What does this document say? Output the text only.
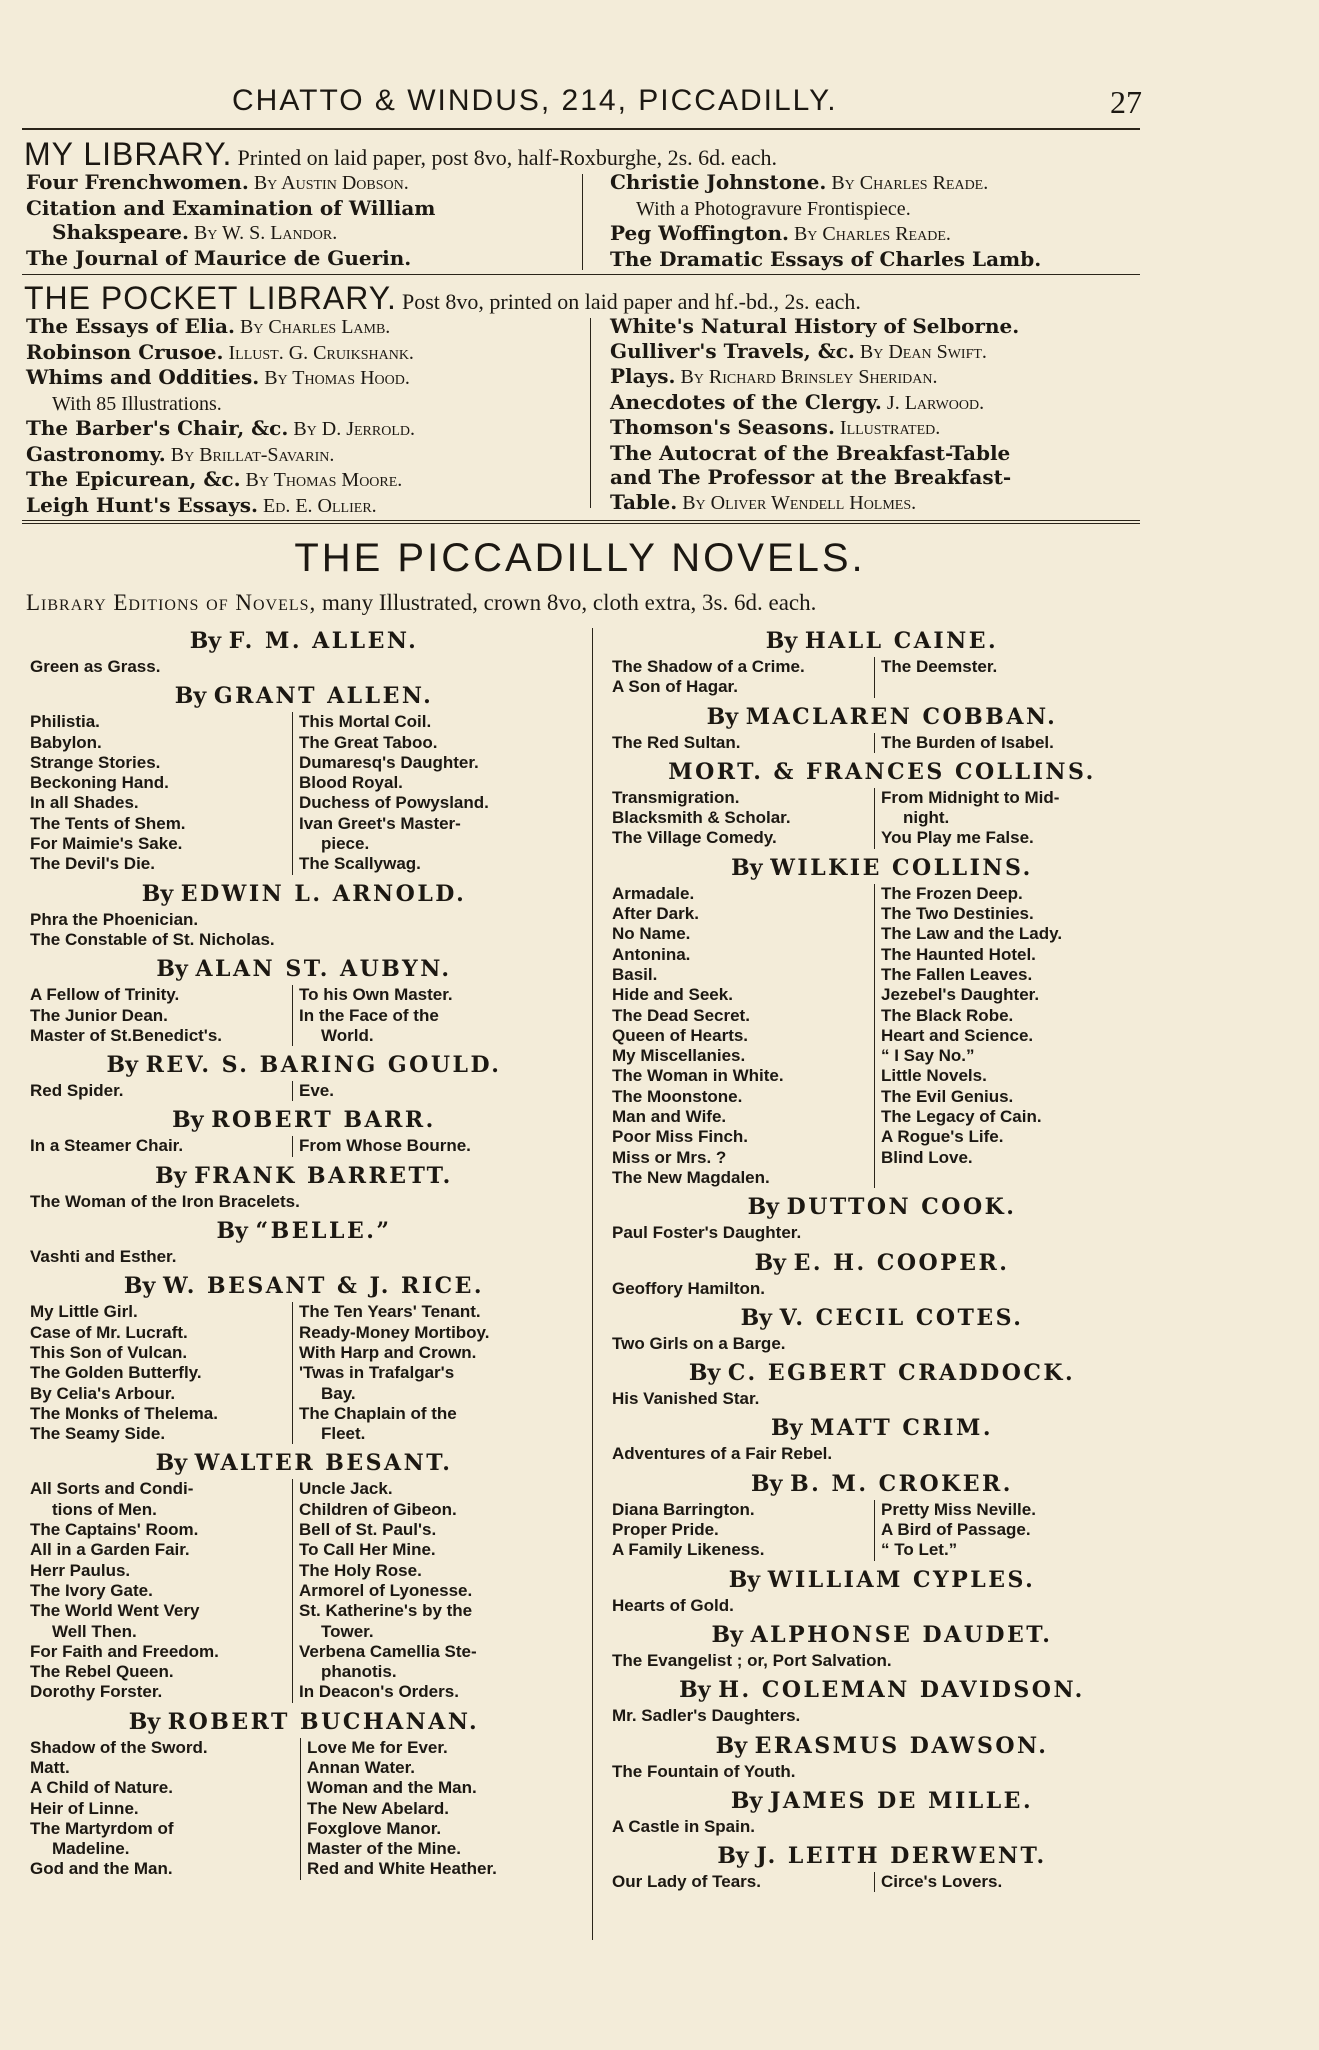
CHATTO & WINDUS, 214, PICCADILLY.	27
MY LIBRARY. Printed on laid paper, post 8vo, half-Roxburghe, 2s. 6d. each.
Four Frenchwomen. By Austin Dobson.
Citation and Examination of William
Shakspeare. By W. S. Landor.
The Journal of Maurice de Guerin.
Christie Johnstone. By Charles Reade.
With a Photogravure Frontispiece.
Peg Woffington. By Charles Reade.
The Dramatic Essays of Charles Lamb.
THE POCKET LIBRARY. Post 8vo, printed on laid paper and hf.-bd., 2s. each.
The Essays of Elia. By Charles Lamb.
Robinson Crusoe. Illust. G. Cruikshank.
Whims and Oddities. By Thomas Hood.
With 85 Illustrations.
The Barber's Chair, &c. By D. Jerrold.
Gastronomy. By Brillat-Savarin.
The Epicurean, &c. By Thomas Moore.
Leigh Hunt's Essays. Ed. E. Ollier.
White's Natural History of Selborne.
Gulliver's Travels, &c. By Dean Swift.
Plays. By Richard Brinsley Sheridan.
Anecdotes of the Clergy. J. Larwood.
Thomson's Seasons. Illustrated.
The Autocrat of the Breakfast-Table
and The Professor at the Breakfast-
Table. By Oliver Wendell Holmes.
THE PICCADILLY NOVELS.
Library Editions of Novels, many Illustrated, crown 8vo, cloth extra, 3s. 6d. each.
By F. M. ALLEN.
Green as Grass.
By GRANT ALLEN.
Philistia.
Babylon.
Strange Stories.
Beckoning Hand.
In all Shades.
The Tents of Shem.
For Maimie's Sake.
The Devil's Die.
This Mortal Coil.
The Great Taboo.
Dumaresq's Daughter.
Blood Royal.
Duchess of Powysland.
Ivan Greet's Master-
piece.
The Scallywag.
By EDWIN L. ARNOLD.
Phra the Phoenician.
The Constable of St. Nicholas.
By ALAN ST. AUBYN.
A Fellow of Trinity.
The Junior Dean.
Master of St.Benedict's.
To his Own Master.
In the Face of the
World.
By REV. S. BARING GOULD.
Red Spider.	Eve.
By ROBERT BARR.
In a Steamer Chair.	From Whose Bourne.
By FRANK BARRETT.
The Woman of the Iron Bracelets.
By “BELLE.”
Vashti and Esther.
By W. BESANT & J. RICE.
My Little Girl.
Case of Mr. Lucraft.
This Son of Vulcan.
The Golden Butterfly.
By Celia's Arbour.
The Monks of Thelema.
The Seamy Side.
The Ten Years' Tenant.
Ready-Money Mortiboy.
With Harp and Crown.
'Twas in Trafalgar's
Bay.
The Chaplain of the
Fleet.
By WALTER BESANT.
All Sorts and Condi-
tions of Men.
The Captains' Room.
All in a Garden Fair.
Herr Paulus.
The Ivory Gate.
The World Went Very
Well Then.
For Faith and Freedom.
The Rebel Queen.
Dorothy Forster.
Uncle Jack.
Children of Gibeon.
Bell of St. Paul's.
To Call Her Mine.
The Holy Rose.
Armorel of Lyonesse.
St. Katherine's by the
Tower.
Verbena Camellia Ste-
phanotis.
In Deacon's Orders.
By ROBERT BUCHANAN.
Shadow of the Sword.
Matt.
A Child of Nature.
Heir of Linne.
The Martyrdom of
Madeline.
God and the Man.
Love Me for Ever.
Annan Water.
Woman and the Man.
The New Abelard.
Foxglove Manor.
Master of the Mine.
Red and White Heather.
By HALL CAINE.
The Shadow of a Crime.
A Son of Hagar.
The Deemster.
By MACLAREN COBBAN.
The Red Sultan.	The Burden of Isabel.
MORT. & FRANCES COLLINS.
Transmigration.
Blacksmith & Scholar.
The Village Comedy.
From Midnight to Mid-
night.
You Play me False.
By WILKIE COLLINS.
Armadale.
After Dark.
No Name.
Antonina.
Basil.
Hide and Seek.
The Dead Secret.
Queen of Hearts.
My Miscellanies.
The Woman in White.
The Moonstone.
Man and Wife.
Poor Miss Finch.
Miss or Mrs. ?
The New Magdalen.
The Frozen Deep.
The Two Destinies.
The Law and the Lady.
The Haunted Hotel.
The Fallen Leaves.
Jezebel's Daughter.
The Black Robe.
Heart and Science.
“ I Say No.”
Little Novels.
The Evil Genius.
The Legacy of Cain.
A Rogue's Life.
Blind Love.
By DUTTON COOK.
Paul Foster's Daughter.
By E. H. COOPER.
Geoffory Hamilton.
By V. CECIL COTES.
Two Girls on a Barge.
By C. EGBERT CRADDOCK.
His Vanished Star.
By MATT CRIM.
Adventures of a Fair Rebel.
By B. M. CROKER.
Diana Barrington.
Proper Pride.
A Family Likeness.
Pretty Miss Neville.
A Bird of Passage.
“ To Let.”
By WILLIAM CYPLES.
Hearts of Gold.
By ALPHONSE DAUDET.
The Evangelist ; or, Port Salvation.
By H. COLEMAN DAVIDSON.
Mr. Sadler's Daughters.
By ERASMUS DAWSON.
The Fountain of Youth.
By JAMES DE MILLE.
A Castle in Spain.
By J. LEITH DERWENT.
Our Lady of Tears.	Circe's Lovers.
